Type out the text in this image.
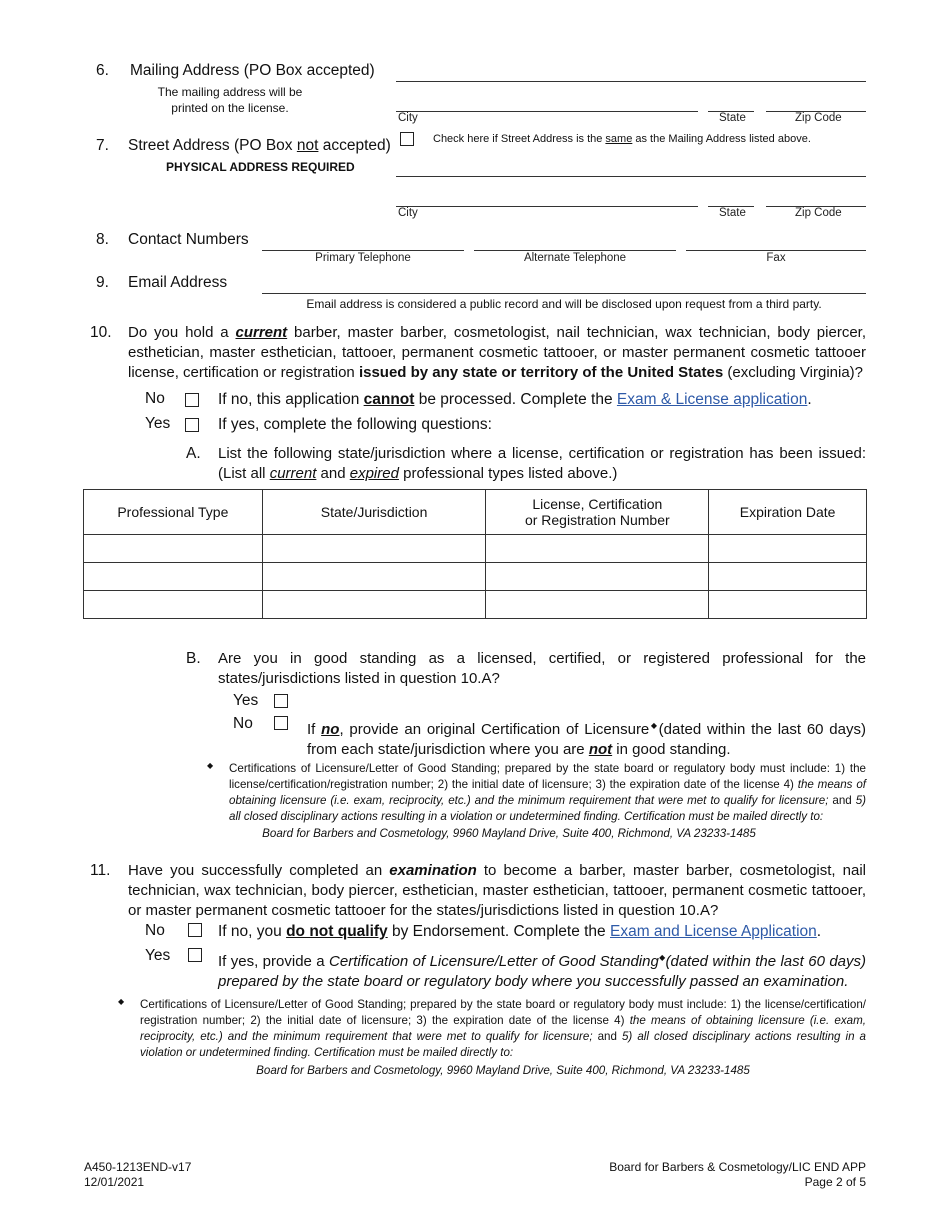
6. Mailing Address (PO Box accepted)
The mailing address will be
printed on the license.
City	State	Zip Code
7. Street Address (PO Box not accepted)
PHYSICAL ADDRESS REQUIRED
Check here if Street Address is the same as the Mailing Address listed above.
City	State	Zip Code
8. Contact Numbers
Primary Telephone	Alternate Telephone	Fax
9. Email Address
Email address is considered a public record and will be disclosed upon request from a third party.
10. Do you hold a current barber, master barber, cosmetologist, nail technician, wax technician, body piercer, esthetician, master esthetician, tattooer, permanent cosmetic tattooer, or master permanent cosmetic tattooer license, certification or registration issued by any state or territory of the United States (excluding Virginia)?
No	If no, this application cannot be processed. Complete the Exam & License application.
Yes	If yes, complete the following questions:
A. List the following state/jurisdiction where a license, certification or registration has been issued: (List all current and expired professional types listed above.)
Professional Type	State/Jurisdiction	License, Certification or Registration Number	Expiration Date

B. Are you in good standing as a licensed, certified, or registered professional for the states/jurisdictions listed in question 10.A?
Yes
No	If no, provide an original Certification of Licensure◆(dated within the last 60 days) from each state/jurisdiction where you are not in good standing.
◆ Certifications of Licensure/Letter of Good Standing; prepared by the state board or regulatory body must include: 1) the license/certification/registration number; 2) the initial date of licensure; 3) the expiration date of the license 4) the means of obtaining licensure (i.e. exam, reciprocity, etc.) and the minimum requirement that were met to qualify for licensure; and 5) all closed disciplinary actions resulting in a violation or undetermined finding. Certification must be mailed directly to:
Board for Barbers and Cosmetology, 9960 Mayland Drive, Suite 400, Richmond, VA 23233-1485
11. Have you successfully completed an examination to become a barber, master barber, cosmetologist, nail technician, wax technician, body piercer, esthetician, master esthetician, tattooer, permanent cosmetic tattooer, or master permanent cosmetic tattooer for the states/jurisdictions listed in question 10.A?
No	If no, you do not qualify by Endorsement. Complete the Exam and License Application.
Yes	If yes, provide a Certification of Licensure/Letter of Good Standing◆(dated within the last 60 days) prepared by the state board or regulatory body where you successfully passed an examination.
◆ Certifications of Licensure/Letter of Good Standing; prepared by the state board or regulatory body must include: 1) the license/certification/ registration number; 2) the initial date of licensure; 3) the expiration date of the license 4) the means of obtaining licensure (i.e. exam, reciprocity, etc.) and the minimum requirement that were met to qualify for licensure; and 5) all closed disciplinary actions resulting in a violation or undetermined finding. Certification must be mailed directly to:
Board for Barbers and Cosmetology, 9960 Mayland Drive, Suite 400, Richmond, VA 23233-1485
A450-1213END-v17
12/01/2021
Board for Barbers & Cosmetology/LIC END APP
Page 2 of 5
